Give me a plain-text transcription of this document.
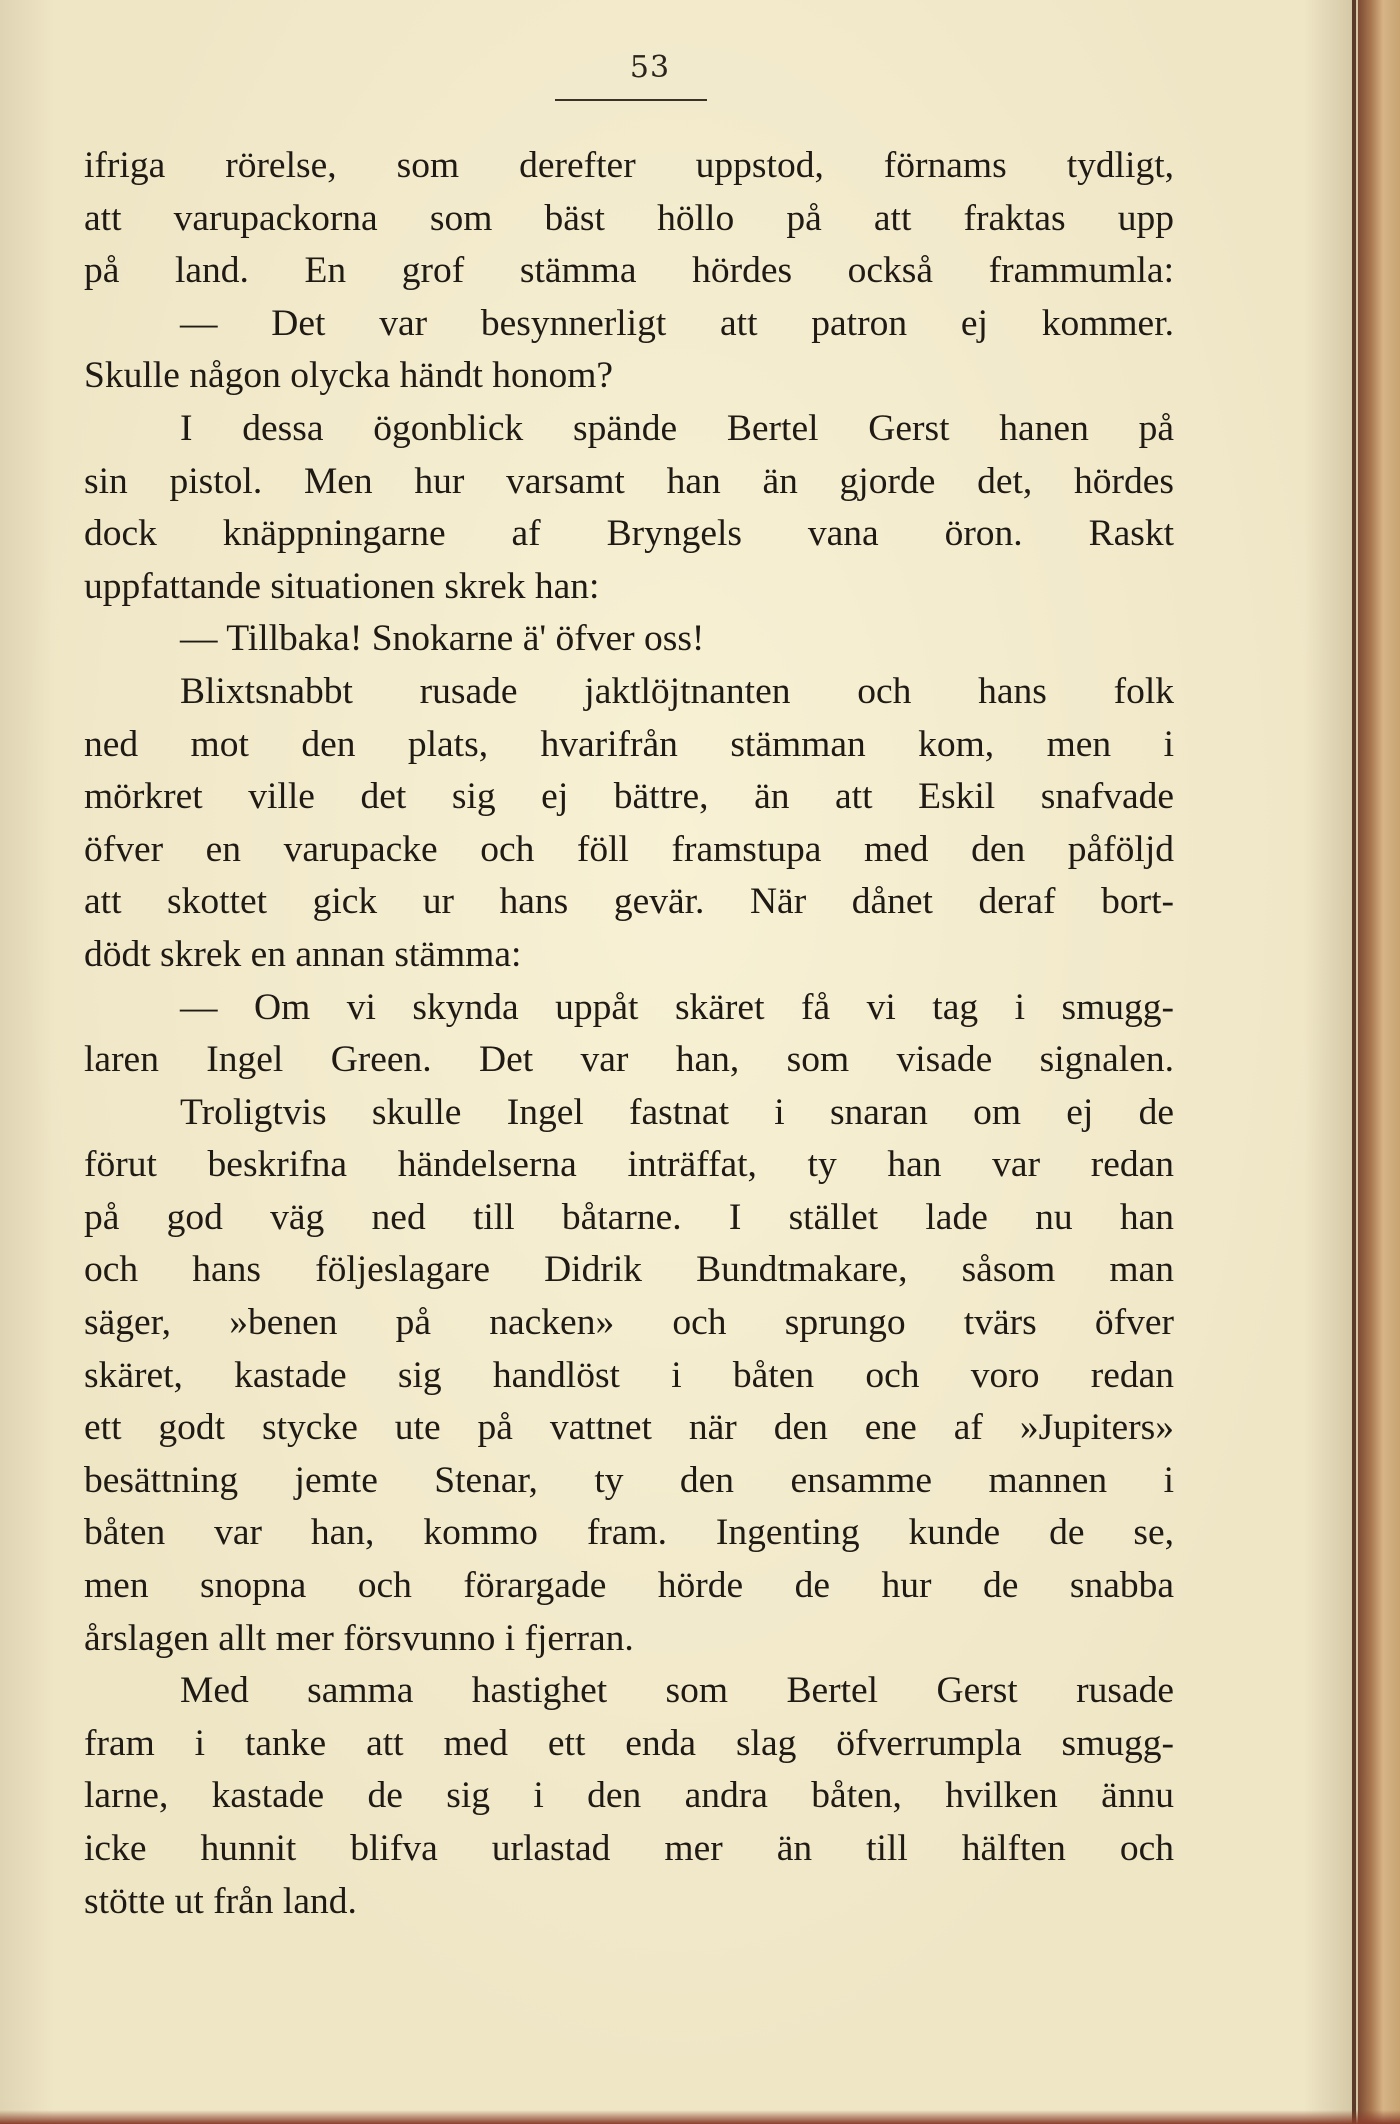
53
ifriga rörelse, som derefter uppstod, förnams tydligt,
att varupackorna som bäst höllo på att fraktas upp
på land. En grof stämma hördes också frammumla:
— Det var besynnerligt att patron ej kommer.
Skulle någon olycka händt honom?
I dessa ögonblick spände Bertel Gerst hanen på
sin pistol. Men hur varsamt han än gjorde det, hördes
dock knäppningarne af Bryngels vana öron. Raskt
uppfattande situationen skrek han:
— Tillbaka! Snokarne ä' öfver oss!
Blixtsnabbt rusade jaktlöjtnanten och hans folk
ned mot den plats, hvarifrån stämman kom, men i
mörkret ville det sig ej bättre, än att Eskil snafvade
öfver en varupacke och föll framstupa med den påföljd
att skottet gick ur hans gevär. När dånet deraf bort-
dödt skrek en annan stämma:
— Om vi skynda uppåt skäret få vi tag i smugg-
laren Ingel Green. Det var han, som visade signalen.
Troligtvis skulle Ingel fastnat i snaran om ej de
förut beskrifna händelserna inträffat, ty han var redan
på god väg ned till båtarne. I stället lade nu han
och hans följeslagare Didrik Bundtmakare, såsom man
säger, »benen på nacken» och sprungo tvärs öfver
skäret, kastade sig handlöst i båten och voro redan
ett godt stycke ute på vattnet när den ene af »Jupiters»
besättning jemte Stenar, ty den ensamme mannen i
båten var han, kommo fram. Ingenting kunde de se,
men snopna och förargade hörde de hur de snabba
årslagen allt mer försvunno i fjerran.
Med samma hastighet som Bertel Gerst rusade
fram i tanke att med ett enda slag öfverrumpla smugg-
larne, kastade de sig i den andra båten, hvilken ännu
icke hunnit blifva urlastad mer än till hälften och
stötte ut från land.
